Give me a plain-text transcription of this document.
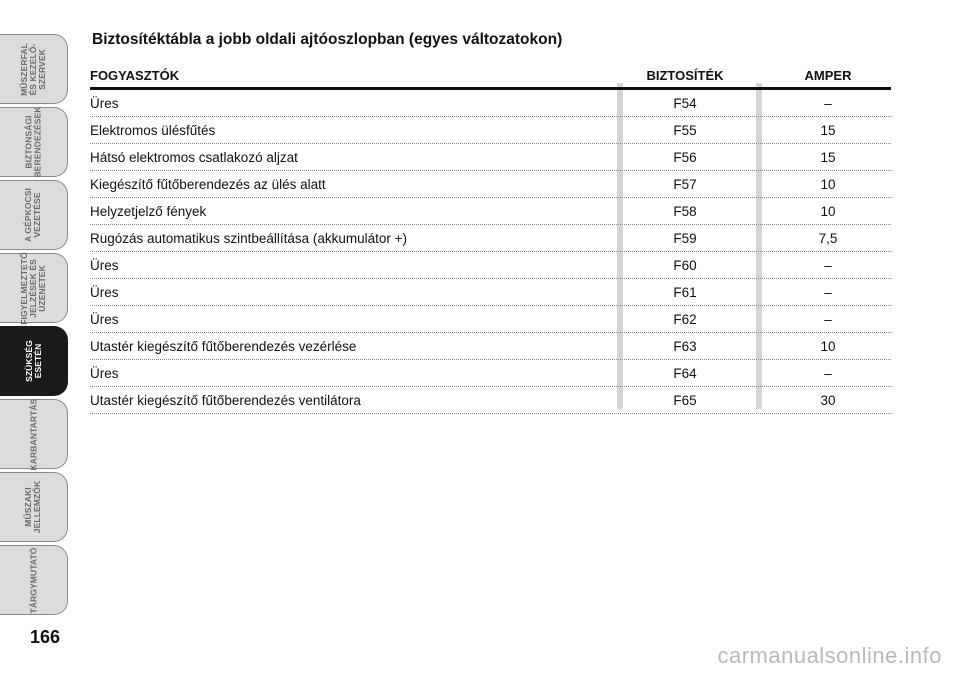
MŰSZERFAL
ÉS KEZELŐ-
SZERVEK
BIZTONSÁGI
BERENDEZÉSEK
A GÉPKOCSI
VEZETÉSE
FIGYELMEZTETŐ
JELZÉSEK ÉS
ÜZENETEK
SZÜKSÉG
ESETÉN
KARBANTARTÁS
MŰSZAKI
JELLEMZŐK
TÁRGYMUTATÓ
166
Biztosítéktábla a jobb oldali ajtóoszlopban (egyes változatokon)
FOGYASZTÓK	BIZTOSÍTÉK	AMPER
Üres	F54	–
Elektromos ülésfűtés	F55	15
Hátsó elektromos csatlakozó aljzat	F56	15
Kiegészítő fűtőberendezés az ülés alatt	F57	10
Helyzetjelző fények	F58	10
Rugózás automatikus szintbeállítása (akkumulátor +)	F59	7,5
Üres	F60	–
Üres	F61	–
Üres	F62	–
Utastér kiegészítő fűtőberendezés vezérlése	F63	10
Üres	F64	–
Utastér kiegészítő fűtőberendezés ventilátora	F65	30
carmanualsonline.info
